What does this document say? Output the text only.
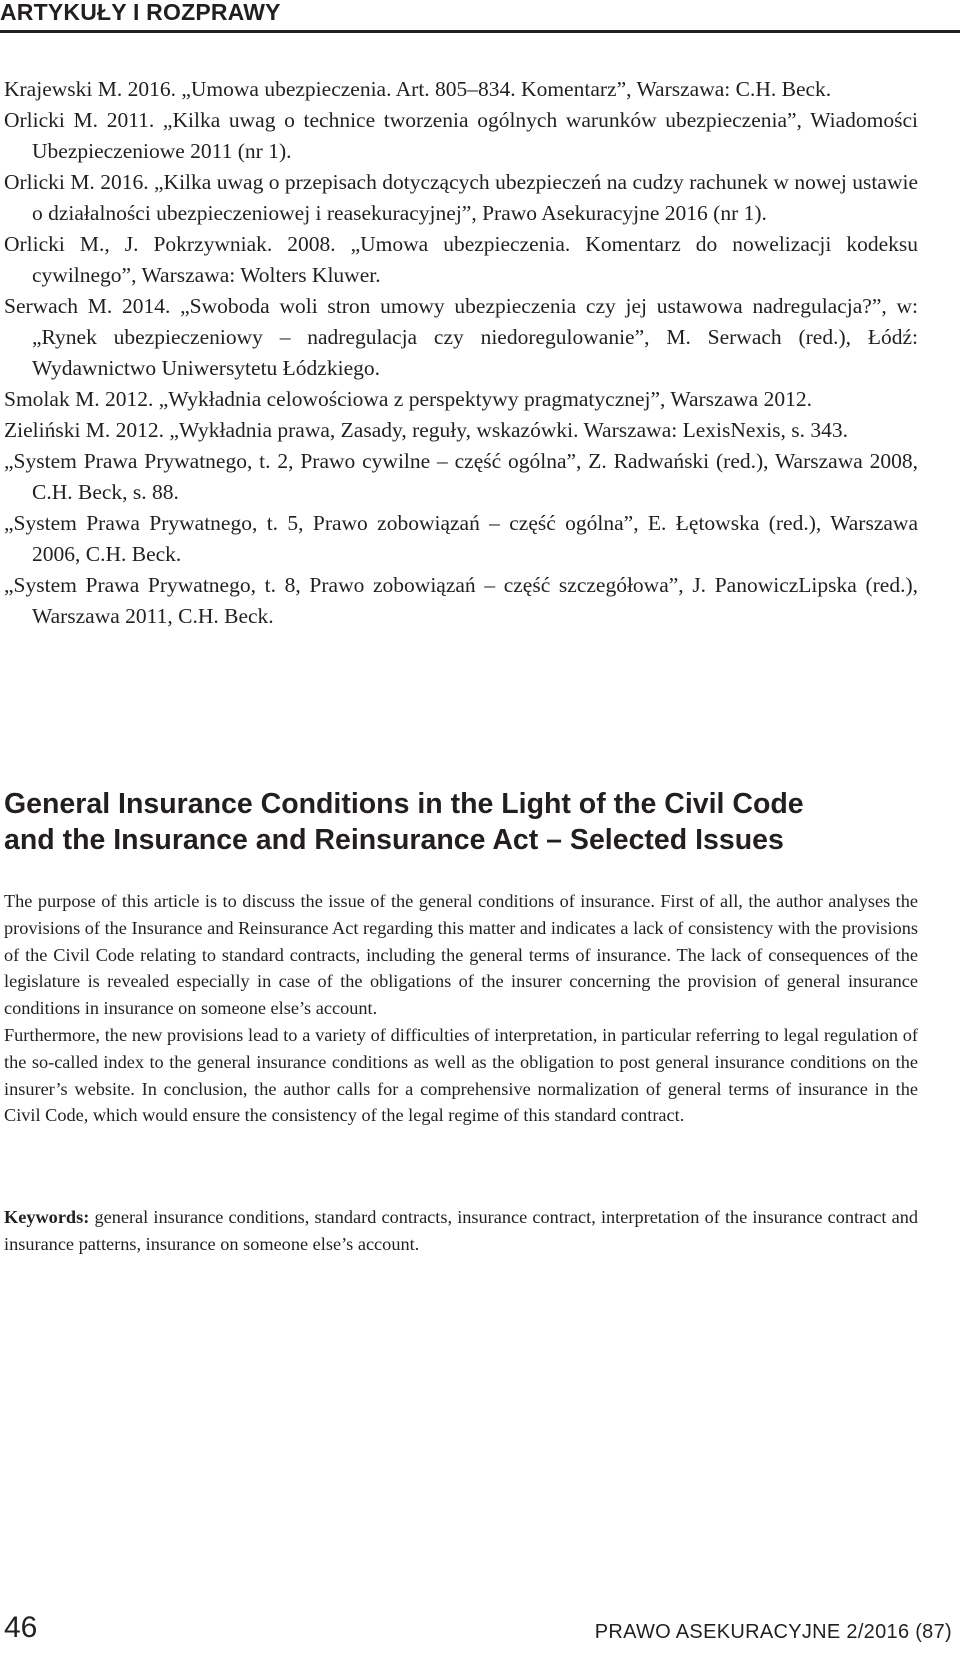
ARTYKUŁY I ROZPRAWY
Krajewski M. 2016. „Umowa ubezpieczenia. Art. 805–834. Komentarz”, Warszawa: C.H. Beck.
Orlicki M. 2011. „Kilka uwag o technice tworzenia ogólnych warunków ubezpieczenia”, Wiadomości Ubezpieczeniowe 2011 (nr 1).
Orlicki M. 2016. „Kilka uwag o przepisach dotyczących ubezpieczeń na cudzy rachunek w nowej ustawie o działalności ubezpieczeniowej i reasekuracyjnej”, Prawo Asekuracyjne 2016 (nr 1).
Orlicki M., J. Pokrzywniak. 2008. „Umowa ubezpieczenia. Komentarz do nowelizacji kodeksu cywilnego”, Warszawa: Wolters Kluwer.
Serwach M. 2014. „Swoboda woli stron umowy ubezpieczenia czy jej ustawowa nadregulacja?”, w: „Rynek ubezpieczeniowy – nadregulacja czy niedoregulowanie”, M. Serwach (red.), Łódź: Wydawnictwo Uniwersytetu Łódzkiego.
Smolak M. 2012. „Wykładnia celowościowa z perspektywy pragmatycznej”, Warszawa 2012.
Zieliński M. 2012. „Wykładnia prawa, Zasady, reguły, wskazówki. Warszawa: LexisNexis, s. 343.
„System Prawa Prywatnego, t. 2, Prawo cywilne – część ogólna”, Z. Radwański (red.), Warszawa 2008, C.H. Beck, s. 88.
„System Prawa Prywatnego, t. 5, Prawo zobowiązań – część ogólna”, E. Łętowska (red.), Warszawa 2006, C.H. Beck.
„System Prawa Prywatnego, t. 8, Prawo zobowiązań – część szczegółowa”, J. PanowiczLipska (red.), Warszawa 2011, C.H. Beck.
General Insurance Conditions in the Light of the Civil Code
and the Insurance and Reinsurance Act – Selected Issues

The purpose of this article is to discuss the issue of the general conditions of insurance. First of all, the author analyses the provisions of the Insurance and Reinsurance Act regarding this matter and indicates a lack of consistency with the provisions of the Civil Code relating to standard contracts, including the general terms of insurance. The lack of consequences of the legislature is revealed especially in case of the obligations of the insurer concerning the provision of general insurance conditions in insurance on someone else’s account.

Furthermore, the new provisions lead to a variety of difficulties of interpretation, in particular referring to legal regulation of the so-called index to the general insurance conditions as well as the obligation to post general insurance conditions on the insurer’s website. In conclusion, the author calls for a comprehensive normalization of general terms of insurance in the Civil Code, which would ensure the consistency of the legal regime of this standard contract.

Keywords: general insurance conditions, standard contracts, insurance contract, interpretation of the insurance contract and insurance patterns, insurance on someone else’s account.
46	PRAWO ASEKURACYJNE 2/2016 (87)
